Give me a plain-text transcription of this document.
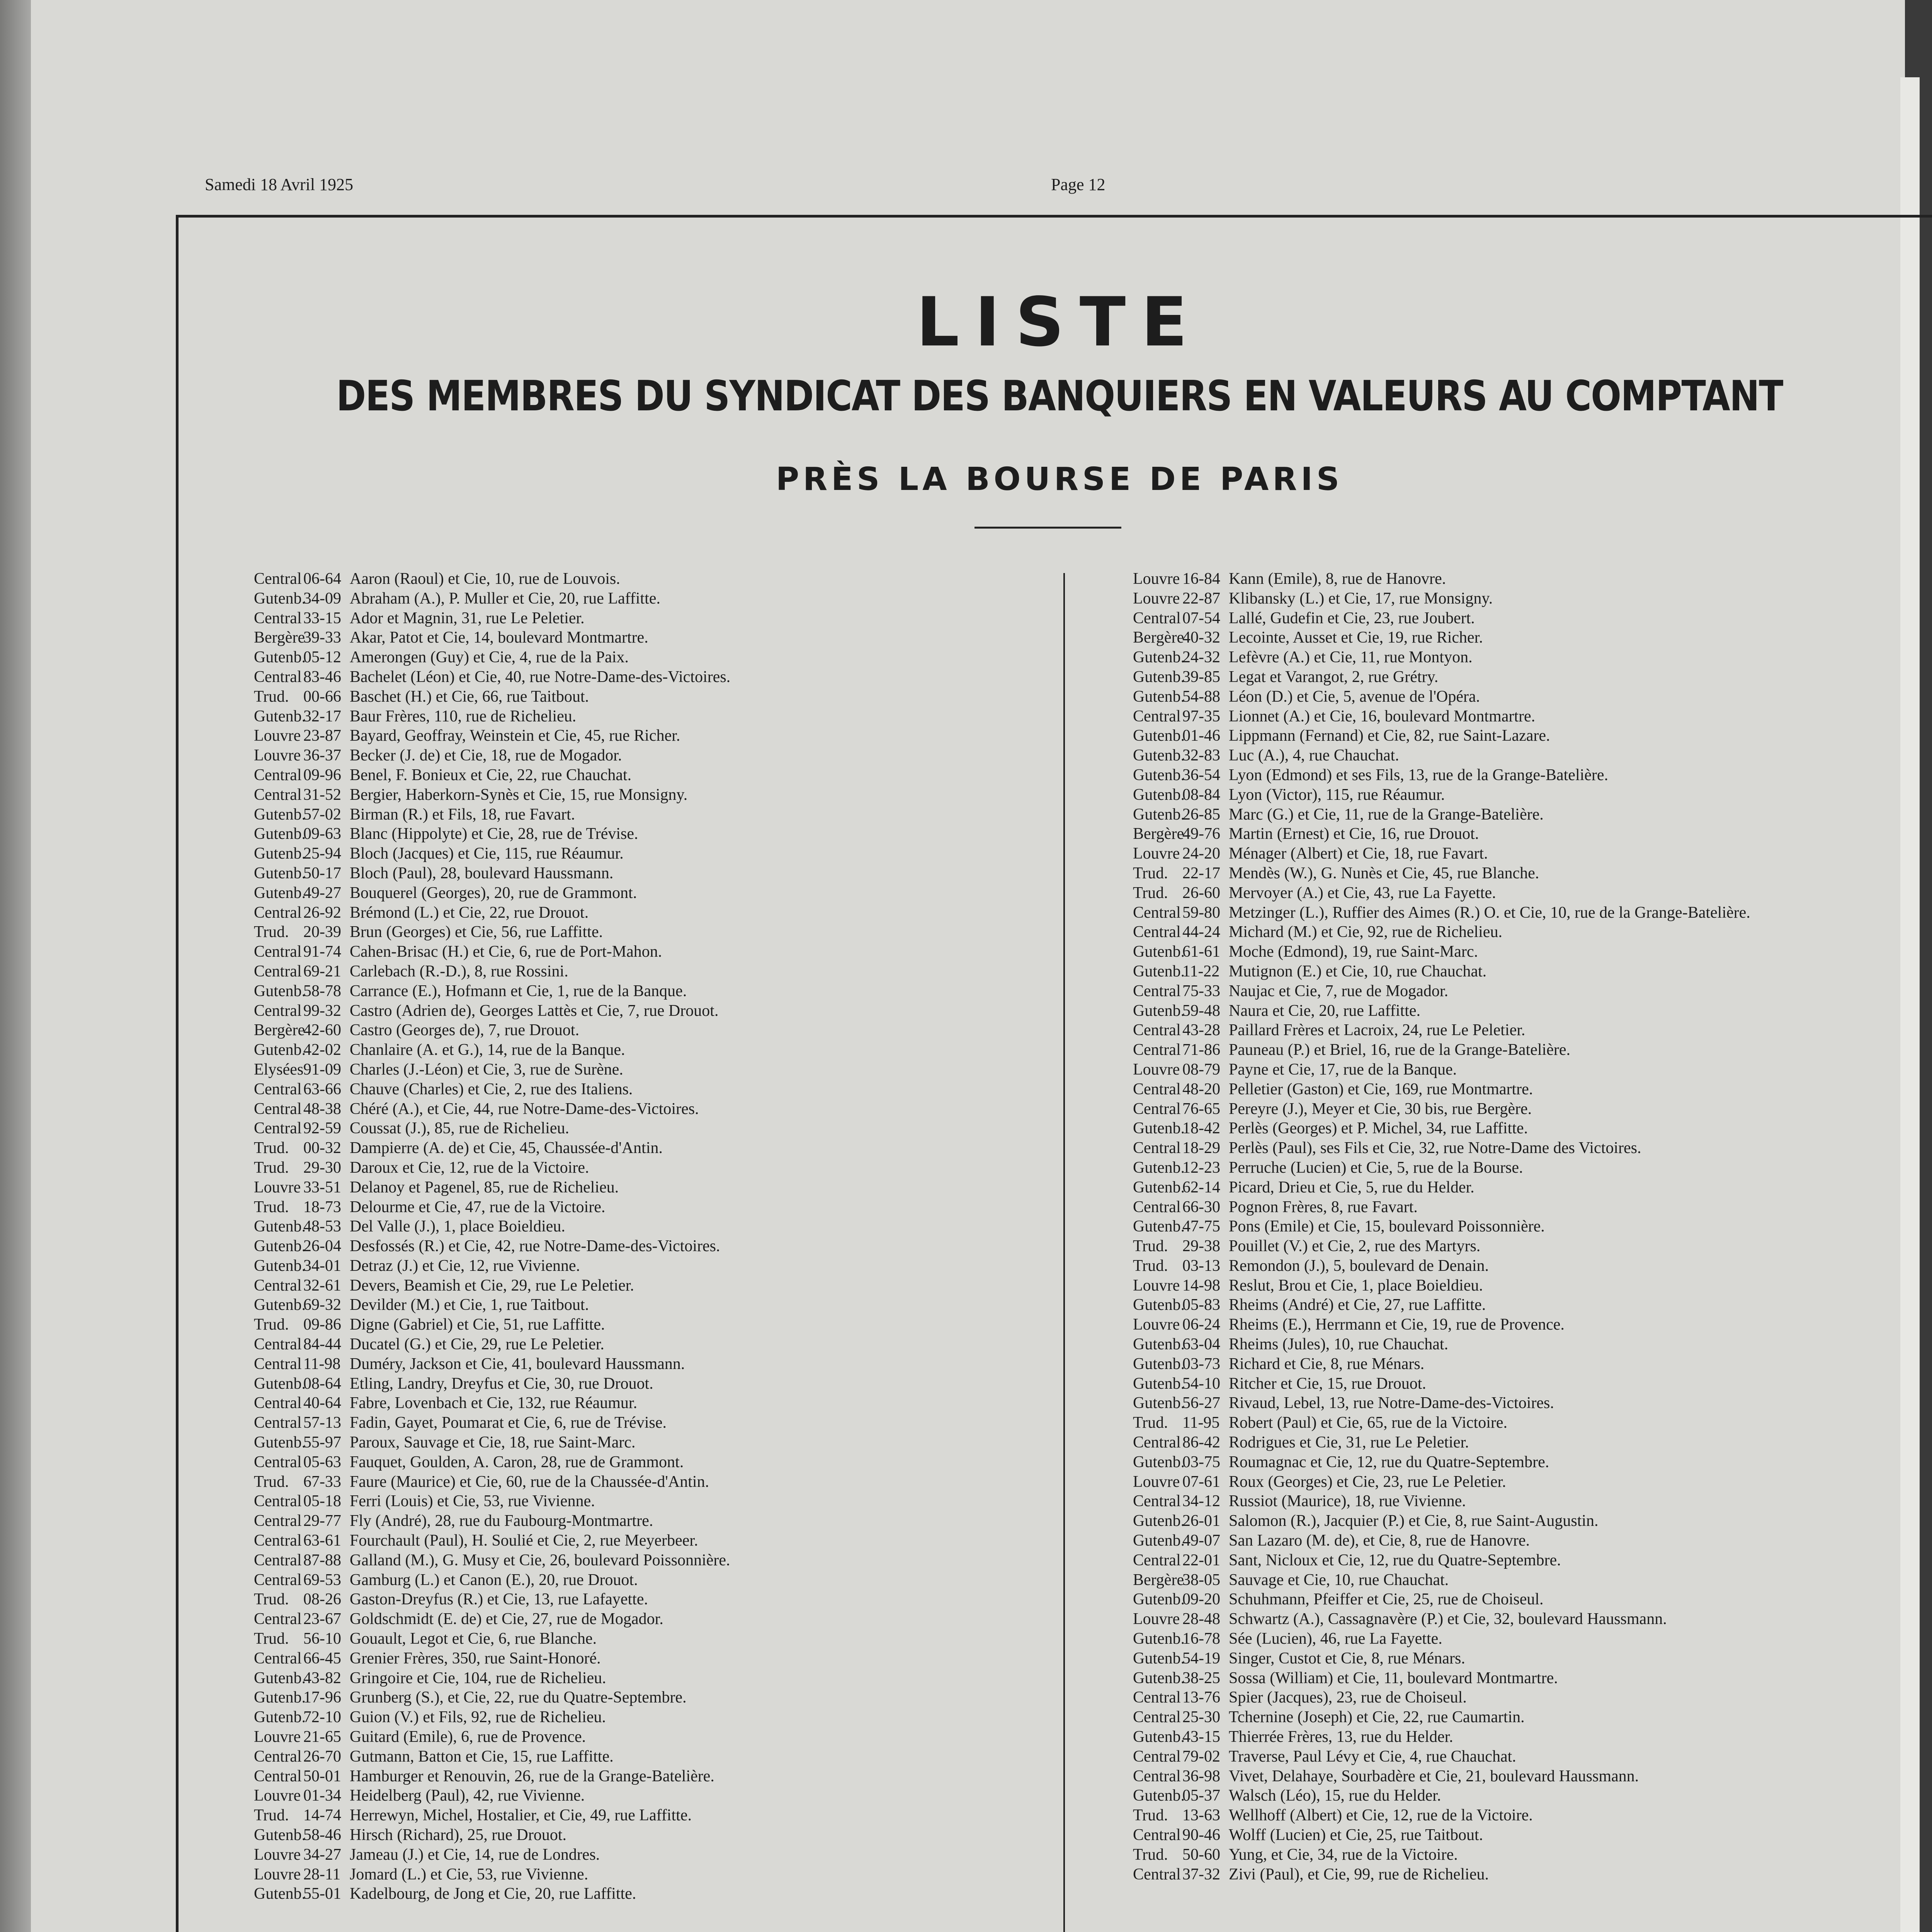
Samedi 18 Avril 1925	Page 12
LISTE
DES MEMBRES DU SYNDICAT DES BANQUIERS EN VALEURS AU COMPTANT
PRÈS LA BOURSE DE PARIS
Central 06-64 Aaron (Raoul) et Cie, 10, rue de Louvois.
Gutenb.34-09 Abraham (A.), P. Muller et Cie, 20, rue Laffitte.
Central 33-15 Ador et Magnin, 31, rue Le Peletier.
Bergère39-33 Akar, Patot et Cie, 14, boulevard Montmartre.
Gutenb.05-12 Amerongen (Guy) et Cie, 4, rue de la Paix.
Central 83-46 Bachelet (Léon) et Cie, 40, rue Notre-Dame-des-Victoires.
Trud. 00-66 Baschet (H.) et Cie, 66, rue Taitbout.
Gutenb.32-17 Baur Frères, 110, rue de Richelieu.
Louvre 23-87 Bayard, Geoffray, Weinstein et Cie, 45, rue Richer.
Louvre 36-37 Becker (J. de) et Cie, 18, rue de Mogador.
Central 09-96 Benel, F. Bonieux et Cie, 22, rue Chauchat.
Central 31-52 Bergier, Haberkorn-Synès et Cie, 15, rue Monsigny.
Gutenb.57-02 Birman (R.) et Fils, 18, rue Favart.
Gutenb.09-63 Blanc (Hippolyte) et Cie, 28, rue de Trévise.
Gutenb.25-94 Bloch (Jacques) et Cie, 115, rue Réaumur.
Gutenb.50-17 Bloch (Paul), 28, boulevard Haussmann.
Gutenb.49-27 Bouquerel (Georges), 20, rue de Grammont.
Central 26-92 Brémond (L.) et Cie, 22, rue Drouot.
Trud. 20-39 Brun (Georges) et Cie, 56, rue Laffitte.
Central 91-74 Cahen-Brisac (H.) et Cie, 6, rue de Port-Mahon.
Central 69-21 Carlebach (R.-D.), 8, rue Rossini.
Gutenb.58-78 Carrance (E.), Hofmann et Cie, 1, rue de la Banque.
Central 99-32 Castro (Adrien de), Georges Lattès et Cie, 7, rue Drouot.
Bergère42-60 Castro (Georges de), 7, rue Drouot.
Gutenb.42-02 Chanlaire (A. et G.), 14, rue de la Banque.
Elysées91-09 Charles (J.-Léon) et Cie, 3, rue de Surène.
Central 63-66 Chauve (Charles) et Cie, 2, rue des Italiens.
Central 48-38 Chéré (A.), et Cie, 44, rue Notre-Dame-des-Victoires.
Central 92-59 Coussat (J.), 85, rue de Richelieu.
Trud. 00-32 Dampierre (A. de) et Cie, 45, Chaussée-d'Antin.
Trud. 29-30 Daroux et Cie, 12, rue de la Victoire.
Louvre 33-51 Delanoy et Pagenel, 85, rue de Richelieu.
Trud. 18-73 Delourme et Cie, 47, rue de la Victoire.
Gutenb.48-53 Del Valle (J.), 1, place Boieldieu.
Gutenb.26-04 Desfossés (R.) et Cie, 42, rue Notre-Dame-des-Victoires.
Gutenb.34-01 Detraz (J.) et Cie, 12, rue Vivienne.
Central 32-61 Devers, Beamish et Cie, 29, rue Le Peletier.
Gutenb.69-32 Devilder (M.) et Cie, 1, rue Taitbout.
Trud. 09-86 Digne (Gabriel) et Cie, 51, rue Laffitte.
Central 84-44 Ducatel (G.) et Cie, 29, rue Le Peletier.
Central 11-98 Duméry, Jackson et Cie, 41, boulevard Haussmann.
Gutenb.08-64 Etling, Landry, Dreyfus et Cie, 30, rue Drouot.
Central 40-64 Fabre, Lovenbach et Cie, 132, rue Réaumur.
Central 57-13 Fadin, Gayet, Poumarat et Cie, 6, rue de Trévise.
Gutenb.55-97 Paroux, Sauvage et Cie, 18, rue Saint-Marc.
Central 05-63 Fauquet, Goulden, A. Caron, 28, rue de Grammont.
Trud. 67-33 Faure (Maurice) et Cie, 60, rue de la Chaussée-d'Antin.
Central 05-18 Ferri (Louis) et Cie, 53, rue Vivienne.
Central 29-77 Fly (André), 28, rue du Faubourg-Montmartre.
Central 63-61 Fourchault (Paul), H. Soulié et Cie, 2, rue Meyerbeer.
Central 87-88 Galland (M.), G. Musy et Cie, 26, boulevard Poissonnière.
Central 69-53 Gamburg (L.) et Canon (E.), 20, rue Drouot.
Trud. 08-26 Gaston-Dreyfus (R.) et Cie, 13, rue Lafayette.
Central 23-67 Goldschmidt (E. de) et Cie, 27, rue de Mogador.
Trud. 56-10 Gouault, Legot et Cie, 6, rue Blanche.
Central 66-45 Grenier Frères, 350, rue Saint-Honoré.
Gutenb.43-82 Gringoire et Cie, 104, rue de Richelieu.
Gutenb.17-96 Grunberg (S.), et Cie, 22, rue du Quatre-Septembre.
Gutenb.72-10 Guion (V.) et Fils, 92, rue de Richelieu.
Louvre 21-65 Guitard (Emile), 6, rue de Provence.
Central 26-70 Gutmann, Batton et Cie, 15, rue Laffitte.
Central 50-01 Hamburger et Renouvin, 26, rue de la Grange-Batelière.
Louvre 01-34 Heidelberg (Paul), 42, rue Vivienne.
Trud. 14-74 Herrewyn, Michel, Hostalier, et Cie, 49, rue Laffitte.
Gutenb.58-46 Hirsch (Richard), 25, rue Drouot.
Louvre 34-27 Jameau (J.) et Cie, 14, rue de Londres.
Louvre 28-11 Jomard (L.) et Cie, 53, rue Vivienne.
Gutenb.55-01 Kadelbourg, de Jong et Cie, 20, rue Laffitte.
Louvre 16-84 Kann (Emile), 8, rue de Hanovre.
Louvre 22-87 Klibansky (L.) et Cie, 17, rue Monsigny.
Central 07-54 Lallé, Gudefin et Cie, 23, rue Joubert.
Bergère40-32 Lecointe, Ausset et Cie, 19, rue Richer.
Gutenb.24-32 Lefèvre (A.) et Cie, 11, rue Montyon.
Gutenb.39-85 Legat et Varangot, 2, rue Grétry.
Gutenb.54-88 Léon (D.) et Cie, 5, avenue de l'Opéra.
Central 97-35 Lionnet (A.) et Cie, 16, boulevard Montmartre.
Gutenb.01-46 Lippmann (Fernand) et Cie, 82, rue Saint-Lazare.
Gutenb.32-83 Luc (A.), 4, rue Chauchat.
Gutenb.36-54 Lyon (Edmond) et ses Fils, 13, rue de la Grange-Batelière.
Gutenb.08-84 Lyon (Victor), 115, rue Réaumur.
Gutenb.26-85 Marc (G.) et Cie, 11, rue de la Grange-Batelière.
Bergère49-76 Martin (Ernest) et Cie, 16, rue Drouot.
Louvre 24-20 Ménager (Albert) et Cie, 18, rue Favart.
Trud. 22-17 Mendès (W.), G. Nunès et Cie, 45, rue Blanche.
Trud. 26-60 Mervoyer (A.) et Cie, 43, rue La Fayette.
Central 59-80 Metzinger (L.), Ruffier des Aimes (R.) O. et Cie, 10, rue de la Grange-Batelière.
Central 44-24 Michard (M.) et Cie, 92, rue de Richelieu.
Gutenb.61-61 Moche (Edmond), 19, rue Saint-Marc.
Gutenb.11-22 Mutignon (E.) et Cie, 10, rue Chauchat.
Central 75-33 Naujac et Cie, 7, rue de Mogador.
Gutenb.59-48 Naura et Cie, 20, rue Laffitte.
Central 43-28 Paillard Frères et Lacroix, 24, rue Le Peletier.
Central 71-86 Pauneau (P.) et Briel, 16, rue de la Grange-Batelière.
Louvre 08-79 Payne et Cie, 17, rue de la Banque.
Central 48-20 Pelletier (Gaston) et Cie, 169, rue Montmartre.
Central 76-65 Pereyre (J.), Meyer et Cie, 30 bis, rue Bergère.
Gutenb.18-42 Perlès (Georges) et P. Michel, 34, rue Laffitte.
Central 18-29 Perlès (Paul), ses Fils et Cie, 32, rue Notre-Dame des Victoires.
Gutenb.12-23 Perruche (Lucien) et Cie, 5, rue de la Bourse.
Gutenb.62-14 Picard, Drieu et Cie, 5, rue du Helder.
Central 66-30 Pognon Frères, 8, rue Favart.
Gutenb.47-75 Pons (Emile) et Cie, 15, boulevard Poissonnière.
Trud. 29-38 Pouillet (V.) et Cie, 2, rue des Martyrs.
Trud. 03-13 Remondon (J.), 5, boulevard de Denain.
Louvre 14-98 Reslut, Brou et Cie, 1, place Boieldieu.
Gutenb.05-83 Rheims (André) et Cie, 27, rue Laffitte.
Louvre 06-24 Rheims (E.), Herrmann et Cie, 19, rue de Provence.
Gutenb.63-04 Rheims (Jules), 10, rue Chauchat.
Gutenb.03-73 Richard et Cie, 8, rue Ménars.
Gutenb.54-10 Ritcher et Cie, 15, rue Drouot.
Gutenb.56-27 Rivaud, Lebel, 13, rue Notre-Dame-des-Victoires.
Trud. 11-95 Robert (Paul) et Cie, 65, rue de la Victoire.
Central 86-42 Rodrigues et Cie, 31, rue Le Peletier.
Gutenb.03-75 Roumagnac et Cie, 12, rue du Quatre-Septembre.
Louvre 07-61 Roux (Georges) et Cie, 23, rue Le Peletier.
Central 34-12 Russiot (Maurice), 18, rue Vivienne.
Gutenb.26-01 Salomon (R.), Jacquier (P.) et Cie, 8, rue Saint-Augustin.
Gutenb.49-07 San Lazaro (M. de), et Cie, 8, rue de Hanovre.
Central 22-01 Sant, Nicloux et Cie, 12, rue du Quatre-Septembre.
Bergère38-05 Sauvage et Cie, 10, rue Chauchat.
Gutenb.09-20 Schuhmann, Pfeiffer et Cie, 25, rue de Choiseul.
Louvre 28-48 Schwartz (A.), Cassagnavère (P.) et Cie, 32, boulevard Haussmann.
Gutenb.16-78 Sée (Lucien), 46, rue La Fayette.
Gutenb.54-19 Singer, Custot et Cie, 8, rue Ménars.
Gutenb.38-25 Sossa (William) et Cie, 11, boulevard Montmartre.
Central 13-76 Spier (Jacques), 23, rue de Choiseul.
Central 25-30 Tchernine (Joseph) et Cie, 22, rue Caumartin.
Gutenb.43-15 Thierrée Frères, 13, rue du Helder.
Central 79-02 Traverse, Paul Lévy et Cie, 4, rue Chauchat.
Central 36-98 Vivet, Delahaye, Sourbadère et Cie, 21, boulevard Haussmann.
Gutenb.05-37 Walsch (Léo), 15, rue du Helder.
Trud. 13-63 Wellhoff (Albert) et Cie, 12, rue de la Victoire.
Central 90-46 Wolff (Lucien) et Cie, 25, rue Taitbout.
Trud. 50-60 Yung, et Cie, 34, rue de la Victoire.
Central 37-32 Zivi (Paul), et Cie, 99, rue de Richelieu.
